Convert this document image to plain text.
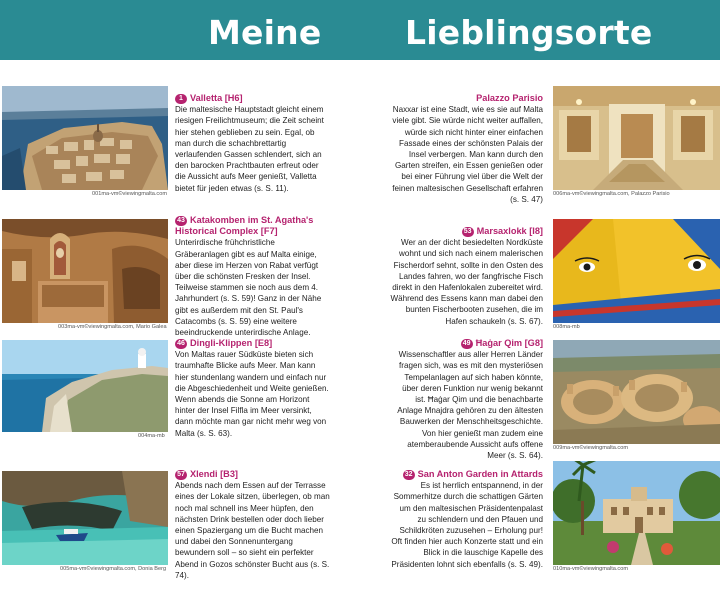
Meine	Lieblingsorte
001ma-vm©viewingmalta.com
1 Valletta [H6]
Die maltesische Hauptstadt gleicht einem riesigen Freilichtmuseum; die Zeit scheint hier stehen geblieben zu sein. Egal, ob man durch die schachbrettartig verlaufenden Gassen schlendert, sich an den barocken Prachtbauten erfreut oder die Aussicht aufs Meer genießt, Valletta bietet für jeden etwas (s. S. 11).
003ma-vm©viewingmalta.com, Mario Galea
43 Katakomben im St. Agatha's Historical Complex [F7]
Unterirdische frühchristliche Gräberanlagen gibt es auf Malta einige, aber diese im Herzen von Rabat verfügt über die schönsten Fresken der Insel. Teilweise stammen sie noch aus dem 4. Jahrhundert (s. S. 59)! Ganz in der Nähe gibt es außerdem mit den St. Paul's Catacombs (s. S. 59) eine weitere beeindruckende unterirdische Anlage.
004ma-mb
46 Dingli-Klippen [E8]
Von Maltas rauer Südküste bieten sich traumhafte Blicke aufs Meer. Man kann hier stundenlang wandern und einfach nur die Abgeschiedenheit und Weite genießen. Wenn abends die Sonne am Horizont hinter der Insel Filfla im Meer versinkt, dann möchte man gar nicht mehr weg von Malta (s. S. 63).
005ma-vm©viewingmalta.com, Donia Berg
57 Xlendi [B3]
Abends nach dem Essen auf der Terrasse eines der Lokale sitzen, überlegen, ob man noch mal schnell ins Meer hüpfen, den nächsten Drink bestellen oder doch lieber einen Spaziergang um die Bucht machen und dabei den Sonnenuntergang bewundern soll – so sieht ein perfekter Abend in Gozos schönster Bucht aus (s. S. 74).
Palazzo Parisio
Naxxar ist eine Stadt, wie es sie auf Malta viele gibt. Sie würde nicht weiter auffallen, würde sich nicht hinter einer einfachen Fassade eines der schönsten Palais der Insel verbergen. Man kann durch den Garten streifen, ein Essen genießen oder bei einer Führung viel über die Welt der feinen maltesischen Gesellschaft erfahren (s. S. 47)
006ma-vm©viewingmalta.com, Palazzo Parisio
53 Marsaxlokk [I8]
Wer an der dicht besiedelten Nordküste wohnt und sich nach einem malerischen Fischerdorf sehnt, sollte in den Osten des Landes fahren, wo der fangfrische Fisch direkt in den Hafenlokalen zubereitet wird. Während des Essens kann man dabei den bunten Fischerbooten zusehen, die im Hafen schaukeln (s. S. 67).
008ma-mb
49 Ħaġar Qim [G8]
Wissenschaftler aus aller Herren Länder fragen sich, was es mit den mysteriösen Tempelanlagen auf sich haben könnte, über deren Funktion nur wenig bekannt ist. Ħaġar Qim und die benachbarte Anlage Mnajdra gehören zu den ältesten Bauwerken der Menschheitsgeschichte. Von hier genießt man zudem eine atemberaubende Aussicht aufs offene Meer (s. S. 64).
009ma-vm©viewingmalta.com
32 San Anton Garden in Attards
Es ist herrlich entspannend, in der Sommerhitze durch die schattigen Gärten um den maltesischen Präsidentenpalast zu schlendern und den Pfauen und Schildkröten zuzusehen – Erholung pur! Oft finden hier auch Konzerte statt und ein Blick in die lauschige Kapelle des Präsidenten lohnt sich ebenfalls (s. S. 49).
010ma-vm©viewingmalta.com
